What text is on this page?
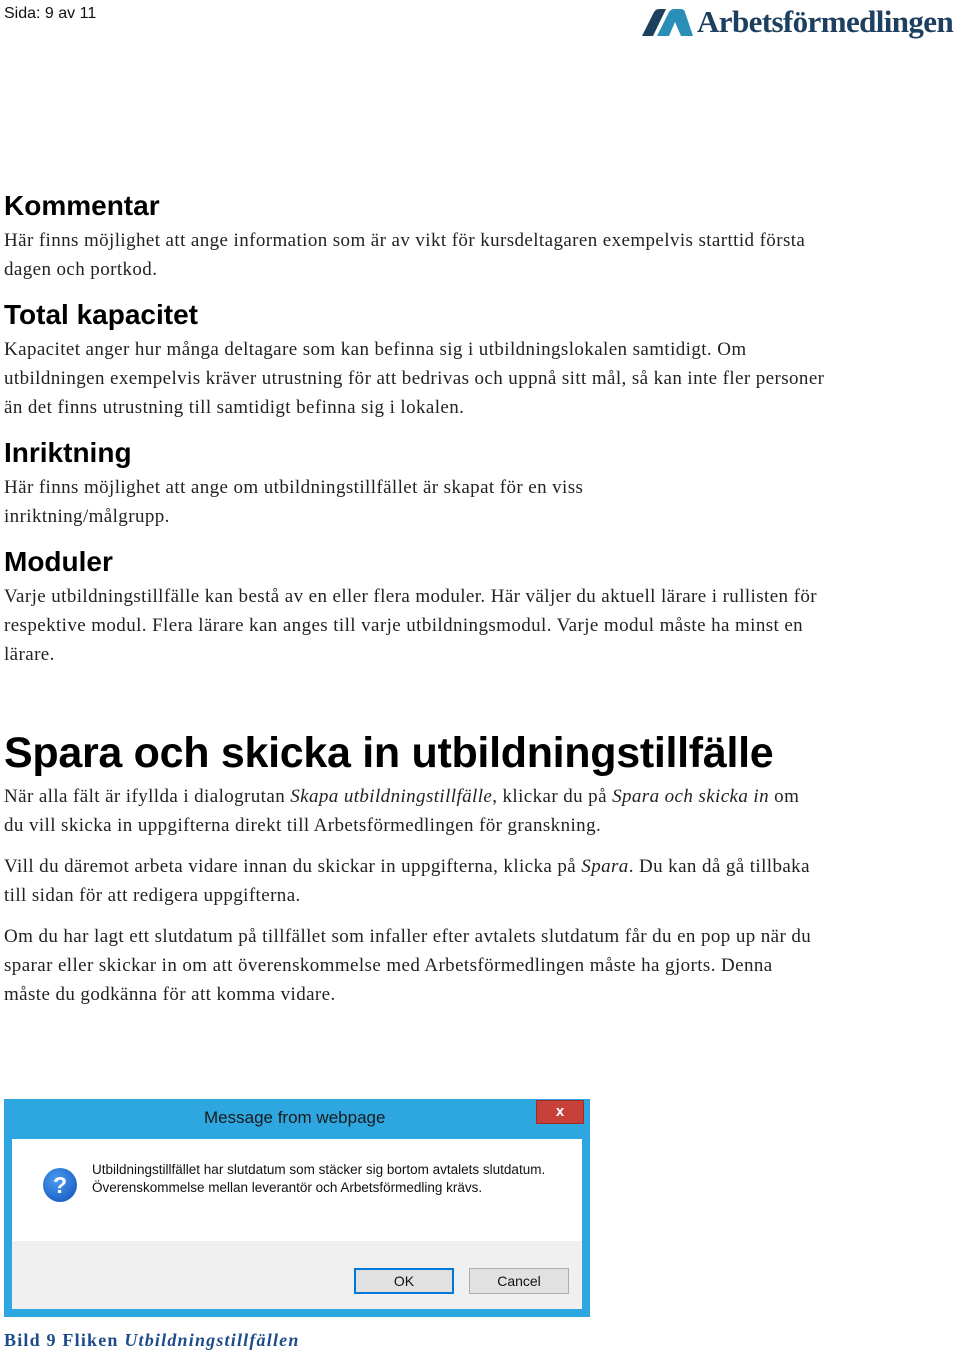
Sida: 9 av 11	Arbetsförmedlingen
Kommentar

Här finns möjlighet att ange information som är av vikt för kursdeltagaren exempelvis starttid första dagen och portkod.

Total kapacitet

Kapacitet anger hur många deltagare som kan befinna sig i utbildningslokalen samtidigt. Om utbildningen exempelvis kräver utrustning för att bedrivas och uppnå sitt mål, så kan inte fler personer än det finns utrustning till samtidigt befinna sig i lokalen.

Inriktning

Här finns möjlighet att ange om utbildningstillfället är skapat för en viss inriktning/målgrupp.

Moduler

Varje utbildningstillfälle kan bestå av en eller flera moduler. Här väljer du aktuell lärare i rullisten för respektive modul. Flera lärare kan anges till varje utbildningsmodul. Varje modul måste ha minst en lärare.

Spara och skicka in utbildningstillfälle

När alla fält är ifyllda i dialogrutan Skapa utbildningstillfälle, klickar du på Spara och skicka in om du vill skicka in uppgifterna direkt till Arbetsförmedlingen för granskning.

Vill du däremot arbeta vidare innan du skickar in uppgifterna, klicka på Spara. Du kan då gå tillbaka till sidan för att redigera uppgifterna.

Om du har lagt ett slutdatum på tillfället som infaller efter avtalets slutdatum får du en pop up när du sparar eller skickar in om att överenskommelse med Arbetsförmedlingen måste ha gjorts. Denna måste du godkänna för att komma vidare.

Message from webpage	x
?
Utbildningstillfället har slutdatum som stäcker sig bortom avtalets slutdatum. Överenskommelse mellan leverantör och Arbetsförmedling krävs.
OK	Cancel
Bild 9 Fliken Utbildningstillfällen
